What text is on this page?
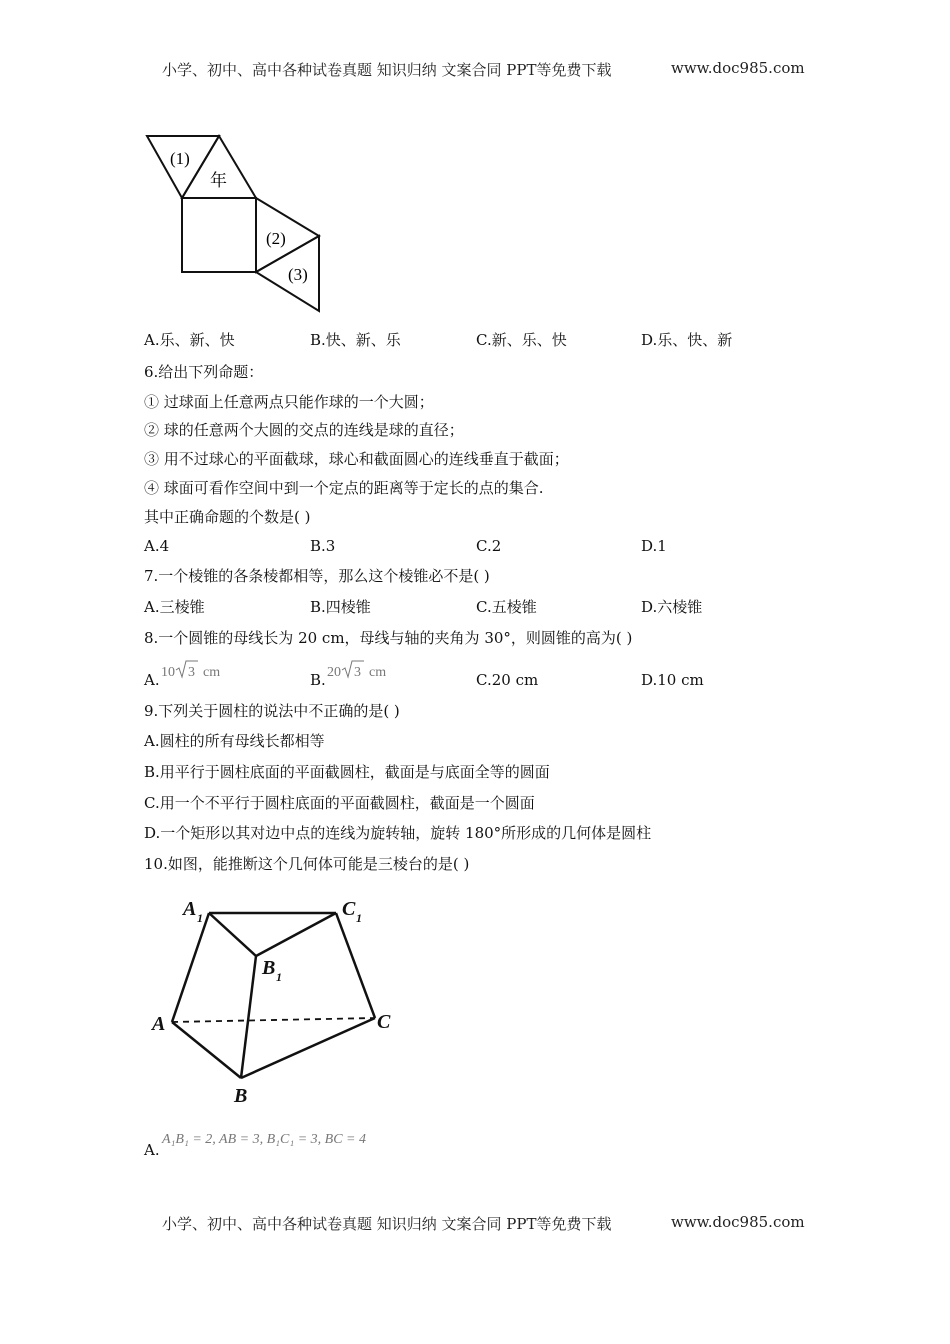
小学、初中、高中各种试卷真题 知识归纳 文案合同 PPT等免费下载	www.doc985.com
(1)
年
(2)
(3)
A.乐、新、快	B.快、新、乐	C.新、乐、快	D.乐、快、新
6.给出下列命题：
① 过球面上任意两点只能作球的一个大圆；
② 球的任意两个大圆的交点的连线是球的直径；
③ 用不过球心的平面截球，球心和截面圆心的连线垂直于截面；
④ 球面可看作空间中到一个定点的距离等于定长的点的集合.
其中正确命题的个数是( )
A.4	B.3	C.2	D.1
7.一个棱锥的各条棱都相等，那么这个棱锥必不是( )
A.三棱锥	B.四棱锥	C.五棱锥	D.六棱锥
8.一个圆锥的母线长为 20 cm，母线与轴的夹角为 30°，则圆锥的高为( )
A. 10 3 cm	B. 20 3 cm	C.20 cm	D.10 cm
9.下列关于圆柱的说法中不正确的是( )
A.圆柱的所有母线长都相等
B.用平行于圆柱底面的平面截圆柱，截面是与底面全等的圆面
C.用一个不平行于圆柱底面的平面截圆柱，截面是一个圆面
D.一个矩形以其对边中点的连线为旋转轴，旋转 180°所形成的几何体是圆柱
10.如图，能推断这个几何体可能是三棱台的是( )
A 1	C 1
B 1
A	C
B
A.
A₁B₁ = 2, AB = 3, B₁C₁ = 3, BC = 4
小学、初中、高中各种试卷真题 知识归纳 文案合同 PPT等免费下载	www.doc985.com
